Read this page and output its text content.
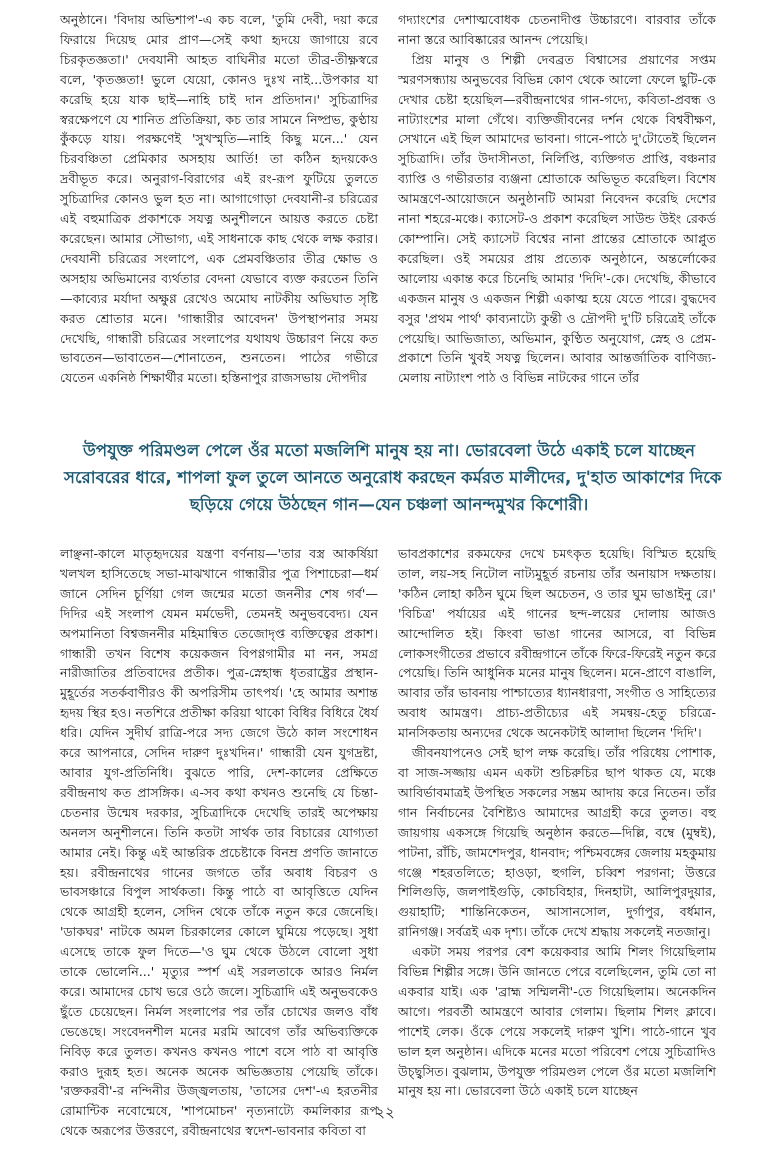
অনুষ্ঠানে। 'বিদায় অভিশাপ'-এ কচ বলে, 'তুমি দেবী, দয়া করে ফিরায়ে দিয়েছ মোর প্রাণ—সেই কথা হৃদয়ে জাগায়ে রবে চিরকৃতজ্ঞতা।' দেবযানী আহত বাঘিনীর মতো তীব্র-তীক্ষ্ণস্বরে বলে, 'কৃতজ্ঞতা! ভুলে যেয়ো, কোনও দুঃখ নাই...উপকার যা করেছি হয়ে যাক ছাই—নাহি চাই দান প্রতিদান।' সুচিত্রাদির স্বরক্ষেপণে যে শানিত প্রতিক্রিয়া, কচ তার সামনে নিষ্প্রভ, কুণ্ঠায় কুঁকড়ে যায়। পরক্ষণেই 'সুখস্মৃতি—নাহি কিছু মনে...' যেন চিরবঞ্চিতা প্রেমিকার অসহায় আর্তি! তা কঠিন হৃদয়কেও দ্রবীভূত করে। অনুরাগ-বিরাগের এই রং-রূপ ফুটিয়ে তুলতে সুচিত্রাদির কোনও ভুল হত না। আগাগোড়া দেবযানী-র চরিত্রের এই বহুমাত্রিক প্রকাশকে সযত্ন অনুশীলনে আয়ত্ত করতে চেষ্টা করেছেন। আমার সৌভাগ্য, এই সাধনাকে কাছ থেকে লক্ষ করার। দেবযানী চরিত্রের সংলাপে, এক প্রেমবঞ্চিতার তীব্র ক্ষোভ ও অসহায় অভিমানের ব্যর্থতার বেদনা যেভাবে ব্যক্ত করতেন তিনি—কাব্যের মর্যাদা অক্ষুণ্ণ রেখেও অমোঘ নাটকীয় অভিঘাত সৃষ্টি করত শ্রোতার মনে। 'গান্ধারীর আবেদন' উপস্থাপনার সময় দেখেছি, গান্ধারী চরিত্রের সংলাপের যথাযথ উচ্চারণ নিয়ে কত ভাবতেন—ভাবাতেন—শোনাতেন, শুনতেন। পাঠের গভীরে যেতেন একনিষ্ঠ শিক্ষার্থীর মতো। হস্তিনাপুর রাজসভায় দৌপদীর

গদ্যাংশের দেশাত্মবোধক চেতনাদীপ্ত উচ্চারণে। বারবার তাঁকে নানা স্তরে আবিষ্কারের আনন্দ পেয়েছি।

প্রিয় মানুষ ও শিল্পী দেবব্রত বিশ্বাসের প্রয়াণের সপ্তম স্মরণসন্ধ্যায় অনুভবের বিভিন্ন কোণ থেকে আলো ফেলে ছুটি-কে দেখার চেষ্টা হয়েছিল—রবীন্দ্রনাথের গান-গদ্যে, কবিতা-প্রবন্ধ ও নাট্যাংশের মালা গেঁথে। ব্যক্তিজীবনের দর্শন থেকে বিশ্ববীক্ষণ, সেখানে এই ছিল আমাদের ভাবনা। গানে-পাঠে দু'টোতেই ছিলেন সুচিত্রাদি। তাঁর উদাসীনতা, নির্লিপ্তি, ব্যক্তিগত প্রাপ্তি, বঞ্চনার ব্যাপ্তি ও গভীরতার ব্যঞ্জনা শ্রোতাকে অভিভূত করেছিল। বিশেষ আমন্ত্রণে-আয়োজনে অনুষ্ঠানটি আমরা নিবেদন করেছি দেশের নানা শহরে-মঞ্চে। ক্যাসেট-ও প্রকাশ করেছিল সাউন্ড উইং রেকর্ড কোম্পানি। সেই ক্যাসেট বিশ্বের নানা প্রান্তের শ্রোতাকে আপ্লুত করেছিল। ওই সময়ের প্রায় প্রত্যেক অনুষ্ঠানে, অন্তর্লোকের আলোয় একান্ত করে চিনেছি আমার 'দিদি'-কে। দেখেছি, কীভাবে একজন মানুষ ও একজন শিল্পী একাত্ম হয়ে যেতে পারে। বুদ্ধদেব বসুর 'প্রথম পার্থ' কাব্যনাট্যে কুন্তী ও দ্রৌপদী দু'টি চরিত্রেই তাঁকে পেয়েছি। আভিজাত্য, অভিমান, কুণ্ঠিত অনুযোগ, স্নেহ ও প্রেম-প্রকাশে তিনি খুবই সযত্ন ছিলেন। আবার আন্তর্জাতিক বাণিজ্য-মেলায় নাট্যাংশ পাঠ ও বিভিন্ন নাটকের গানে তাঁর

উপযুক্ত পরিমণ্ডল পেলে ওঁর মতো মজলিশি মানুষ হয় না। ভোরবেলা উঠে একাই চলে যাচ্ছেন
সরোবরের ধারে, শাপলা ফুল তুলে আনতে অনুরোধ করছেন কর্মরত মালীদের, দু'হাত আকাশের দিকে
ছড়িয়ে গেয়ে উঠছেন গান—যেন চঞ্চলা আনন্দমুখর কিশোরী।

লাঞ্ছনা-কালে মাতৃহৃদয়ের যন্ত্রণা বর্ণনায়—'তার বস্ত্র আকর্ষিয়া খলখল হাসিতেছে সভা-মাঝখানে গান্ধারীর পুত্র পিশাচেরা—ধর্ম জানে সেদিন চূর্ণিয়া গেল জন্মের মতো জননীর শেষ গর্ব'— দিদির এই সংলাপ যেমন মর্মভেদী, তেমনই অনুভববেদ্য। যেন অপমানিতা বিশ্বজননীর মহিমান্বিত তেজোদৃপ্ত ব্যক্তিত্বের প্রকাশ। গান্ধারী তখন বিশেষ কয়েকজন বিপণ্ণগামীর মা নন, সমগ্র নারীজাতির প্রতিবাদের প্রতীক। পুত্র-স্নেহান্ধ ধৃতরাষ্ট্রের প্রস্থান-মুহূর্তের সতর্কবাণীরও কী অপরিসীম তাৎপর্য। 'হে আমার অশান্ত হৃদয় স্থির হও। নতশিরে প্রতীক্ষা করিয়া থাকো বিধির বিধিরে ধৈর্য ধরি। যেদিন সুদীর্ঘ রাত্রি-পরে সদ্য জেগে উঠে কাল সংশোধন করে আপনারে, সেদিন দারুণ দুঃখদিন।' গান্ধারী যেন যুগদ্রষ্টা, আবার যুগ-প্রতিনিধি। বুঝতে পারি, দেশ-কালের প্রেক্ষিতে রবীন্দ্রনাথ কত প্রাসঙ্গিক। এ-সব কথা কখনও শুনেছি যে চিন্তা-চেতনার উন্মেষ দরকার, সুচিত্রাদিকে দেখেছি তারই অপেক্ষায় অনলস অনুশীলনে। তিনি কতটা সার্থক তার বিচারের যোগ্যতা আমার নেই। কিন্তু এই আন্তরিক প্রচেষ্টাকে বিনম্র প্রণতি জানাতে হয়। রবীন্দ্রনাথের গানের জগতে তাঁর অবাধ বিচরণ ও ভাবসঞ্চারে বিপুল সার্থকতা। কিন্তু পাঠে বা আবৃত্তিতে যেদিন থেকে আগ্রহী হলেন, সেদিন থেকে তাঁকে নতুন করে জেনেছি। 'ডাকঘর' নাটকে অমল চিরকালের কোলে ঘুমিয়ে পড়েছে। সুধা এসেছে তাকে ফুল দিতে—'ও ঘুম থেকে উঠলে বোলো সুধা তাকে ভোলেনি...' মৃত্যুর স্পর্শ এই সরলতাকে আরও নির্মল করে। আমাদের চোখ ভরে ওঠে জলে। সুচিত্রাদি এই অনুভবকেও ছুঁতে চেয়েছেন। নির্মল সংলাপের পর তাঁর চোখের জলও বাঁধ ভেঙেছে। সংবেদনশীল মনের মরমি আবেগ তাঁর অভিব্যক্তিকে নিবিড় করে তুলত। কখনও কখনও পাশে বসে পাঠ বা আবৃত্তি করাও দুরূহ হত। অনেক অনেক অভিজ্ঞতায় পেয়েছি তাঁকে। 'রক্তকরবী'-র নন্দিনীর উজ্জ্বলতায়, 'তাসের দেশ'-এ হরতনীর রোমান্টিক নবোন্মেষে, 'শাপমোচন' নৃত্যনাট্যে কমলিকার রূপ থেকে অরূপের উত্তরণে, রবীন্দ্রনাথের স্বদেশ-ভাবনার কবিতা বা

ভাবপ্রকাশের রকমফের দেখে চমৎকৃত হয়েছি। বিস্মিত হয়েছি তাল, লয়-সহ নিটোল নাট্যমুহূর্ত রচনায় তাঁর অনায়াস দক্ষতায়। 'কঠিন লোহা কঠিন ঘুমে ছিল অচেতন, ও তার ঘুম ভাঙাইনু রে।' 'বিচিত্র' পর্যায়ের এই গানের ছন্দ-লয়ের দোলায় আজও আন্দোলিত হই। কিংবা ভাঙা গানের আসরে, বা বিভিন্ন লোকসংগীতের প্রভাবে রবীন্দ্রগানে তাঁকে ফিরে-ফিরেই নতুন করে পেয়েছি। তিনি আধুনিক মনের মানুষ ছিলেন। মনে-প্রাণে বাঙালি, আবার তাঁর ভাবনায় পাশ্চাত্যের ধ্যানধারণা, সংগীত ও সাহিত্যের অবাধ আমন্ত্রণ। প্রাচ্য-প্রতীচ্যের এই সমন্বয়-হেতু চরিত্রে-মানসিকতায় অন্যদের থেকে অনেকটাই আলাদা ছিলেন 'দিদি'।

জীবনযাপনেও সেই ছাপ লক্ষ করেছি। তাঁর পরিধেয় পোশাক, বা সাজ-সজ্জায় এমন একটা শুচিরুচির ছাপ থাকত যে, মঞ্চে আবির্ভাবমাত্রই উপস্থিত সকলের সম্ভ্রম আদায় করে নিতেন। তাঁর গান নির্বাচনের বৈশিষ্ট্যও আমাদের আগ্রহী করে তুলত। বহু জায়গায় একসঙ্গে গিয়েছি অনুষ্ঠান করতে—দিল্লি, বম্বে (মুম্বই), পাটনা, রাঁচি, জামশেদপুর, ধানবাদ; পশ্চিমবঙ্গের জেলায় মহকুমায় গঞ্জে শহরতলিতে; হাওড়া, হুগলি, চব্বিশ পরগনা; উত্তরে শিলিগুড়ি, জলপাইগুড়ি, কোচবিহার, দিনহাটা, আলিপুরদুয়ার, গুয়াহাটি; শান্তিনিকেতন, আসানসোল, দুর্গাপুর, বর্ধমান, রানিগঞ্জ। সর্বত্রই এক দৃশ্য। তাঁকে দেখে শ্রদ্ধায় সকলেই নতজানু।

একটা সময় পরপর বেশ কয়েকবার আমি শিলং গিয়েছিলাম বিভিন্ন শিল্পীর সঙ্গে। উনি জানতে পেরে বলেছিলেন, তুমি তো না একবার যাই। এক 'ব্রাহ্ম সম্মিলনী'-তে গিয়েছিলাম। অনেকদিন আগে। পরবর্তী আমন্ত্রণে আবার গেলাম। ছিলাম শিলং ক্লাবে। পাশেই লেক। ওঁকে পেয়ে সকলেই দারুণ খুশি। পাঠে-গানে খুব ভাল হল অনুষ্ঠান। এদিকে মনের মতো পরিবেশ পেয়ে সুচিত্রাদিও উচ্ছ্বসিত। বুঝলাম, উপযুক্ত পরিমণ্ডল পেলে ওঁর মতো মজলিশি মানুষ হয় না। ভোরবেলা উঠে একাই চলে যাচ্ছেন

২২
